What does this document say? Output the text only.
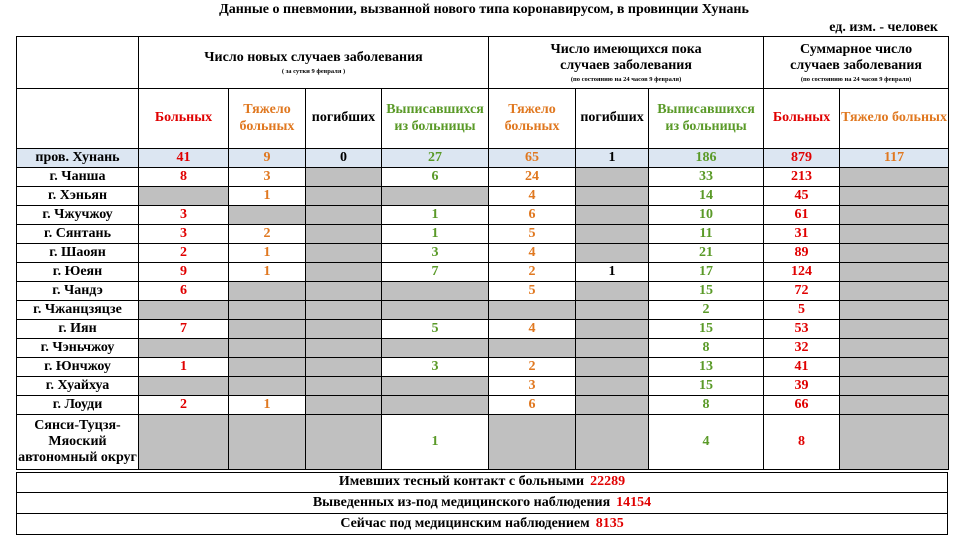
Данные о пневмонии, вызванной нового типа коронавирусом, в провинции Хунань
ед. изм. - человек
	Число новых случаев заболевания
( за сутки 9 февраля )				Число имеющихся пока случаев заболевания
(по состоянию на 24 часов 9 февраля)			Суммарное число случаев заболевания
(по состоянию на 24 часов 9 февраля)	

	Больных	Тяжело больных	погибших	Выписавшихся из больницы	Тяжело больных	погибших	Выписавшихся из больницы	Больных	Тяжело больных
пров. Хунань	41	9	0	27	65	1	186	879	117
г. Чанша	8	3		6	24		33	213	
г. Хэньян		1			4		14	45	
г. Чжучжоу	3			1	6		10	61	
г. Сянтань	3	2		1	5		11	31	
г. Шаоян	2	1		3	4		21	89	
г. Юеян	9	1		7	2	1	17	124	
г. Чандэ	6				5		15	72	
г. Чжанцзяцзе							2	5	
г. Иян	7			5	4		15	53	
г. Чэньчжоу							8	32	
г. Юнчжоу	1			3	2		13	41	
г. Хуайхуа					3		15	39	
г. Лоуди	2	1			6		8	66	
Сянси-Туцзя-Мяоский автономный округ				1			4	8	
Имевших тесный контакт с больными 22289
Выведенных из-под медицинского наблюдения 14154
Сейчас под медицинским наблюдением 8135
